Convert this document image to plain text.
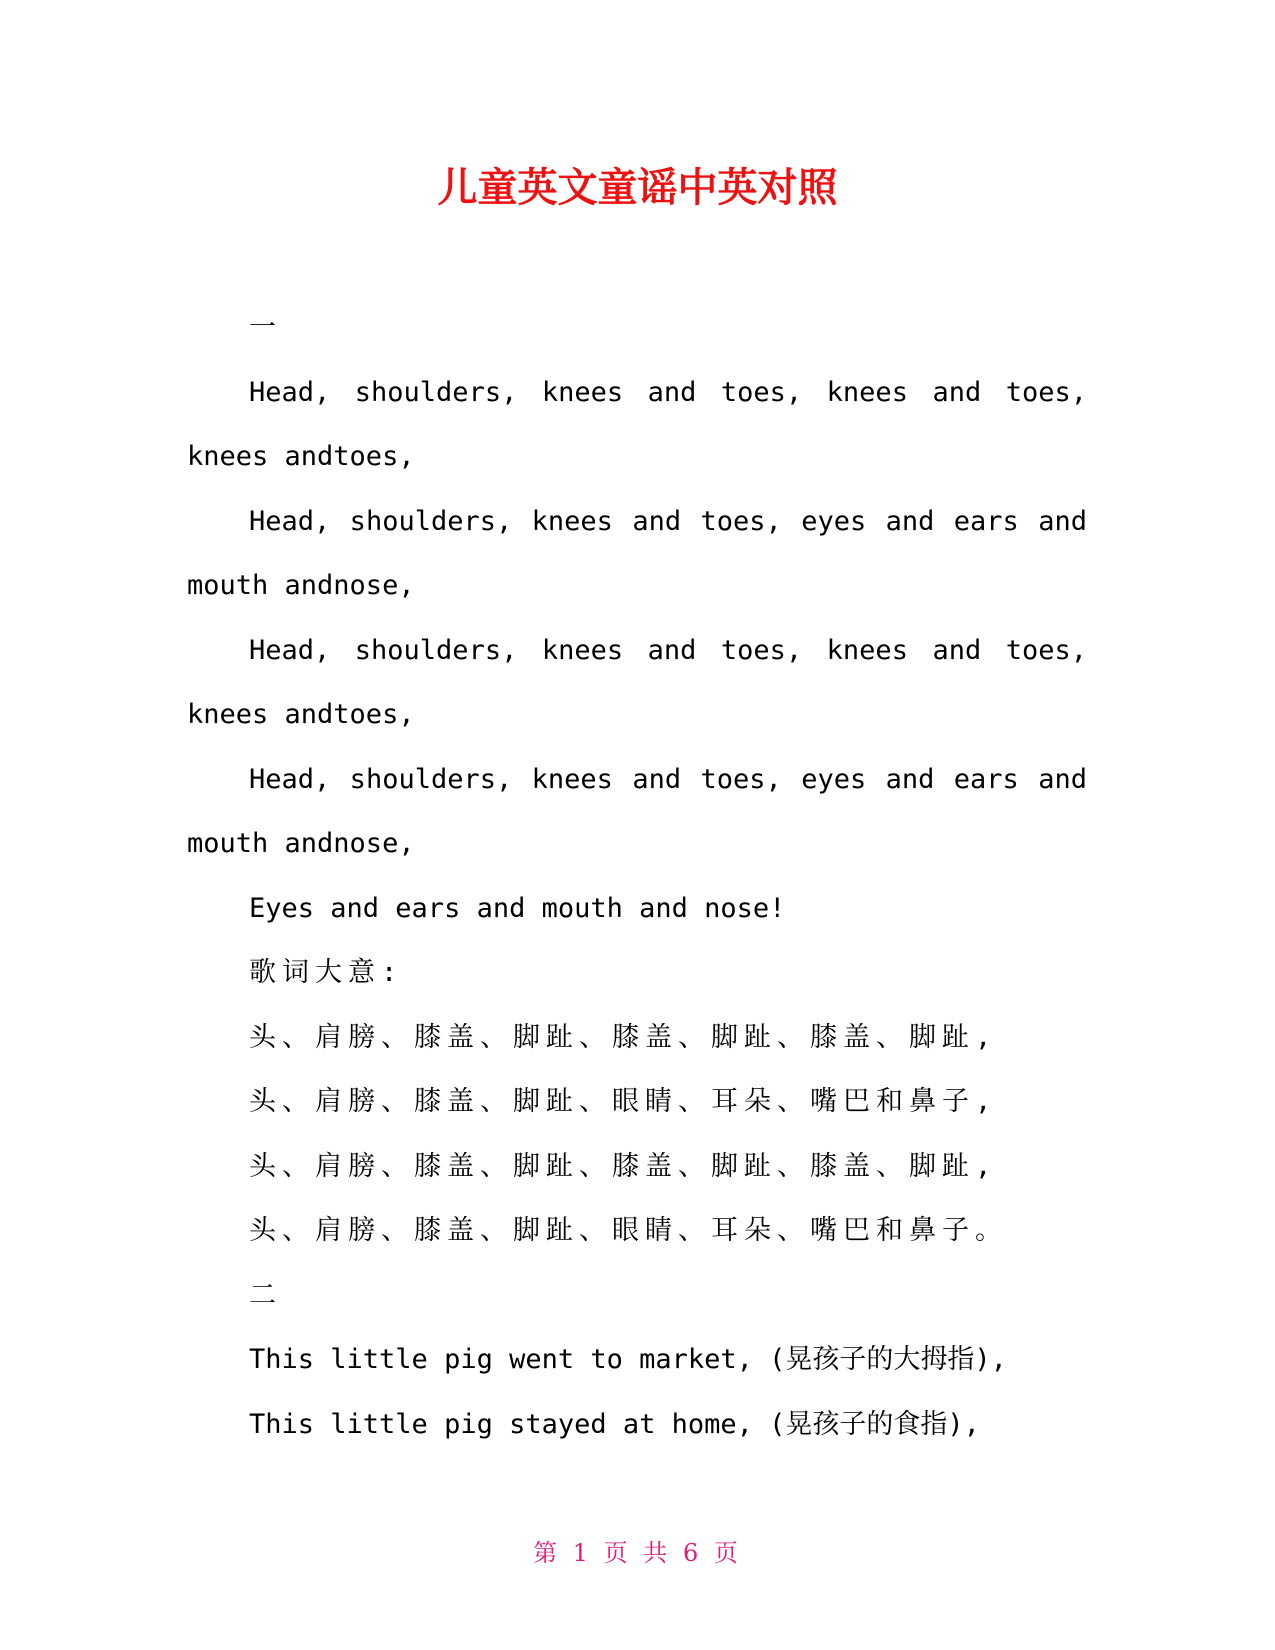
儿童英文童谣中英对照

一

Head, shoulders, knees and toes, knees and toes, knees andtoes,

Head, shoulders, knees and toes, eyes and ears and mouth andnose,

Head, shoulders, knees and toes, knees and toes, knees andtoes,

Head, shoulders, knees and toes, eyes and ears and mouth andnose,

Eyes and ears and mouth and nose!

歌词大意:

头、肩膀、膝盖、脚趾、膝盖、脚趾、膝盖、脚趾,

头、肩膀、膝盖、脚趾、眼睛、耳朵、嘴巴和鼻子,

头、肩膀、膝盖、脚趾、膝盖、脚趾、膝盖、脚趾,

头、肩膀、膝盖、脚趾、眼睛、耳朵、嘴巴和鼻子。

二

This little pig went to market, (晃孩子的大拇指),

This little pig stayed at home, (晃孩子的食指),

第 1 页 共 6 页
